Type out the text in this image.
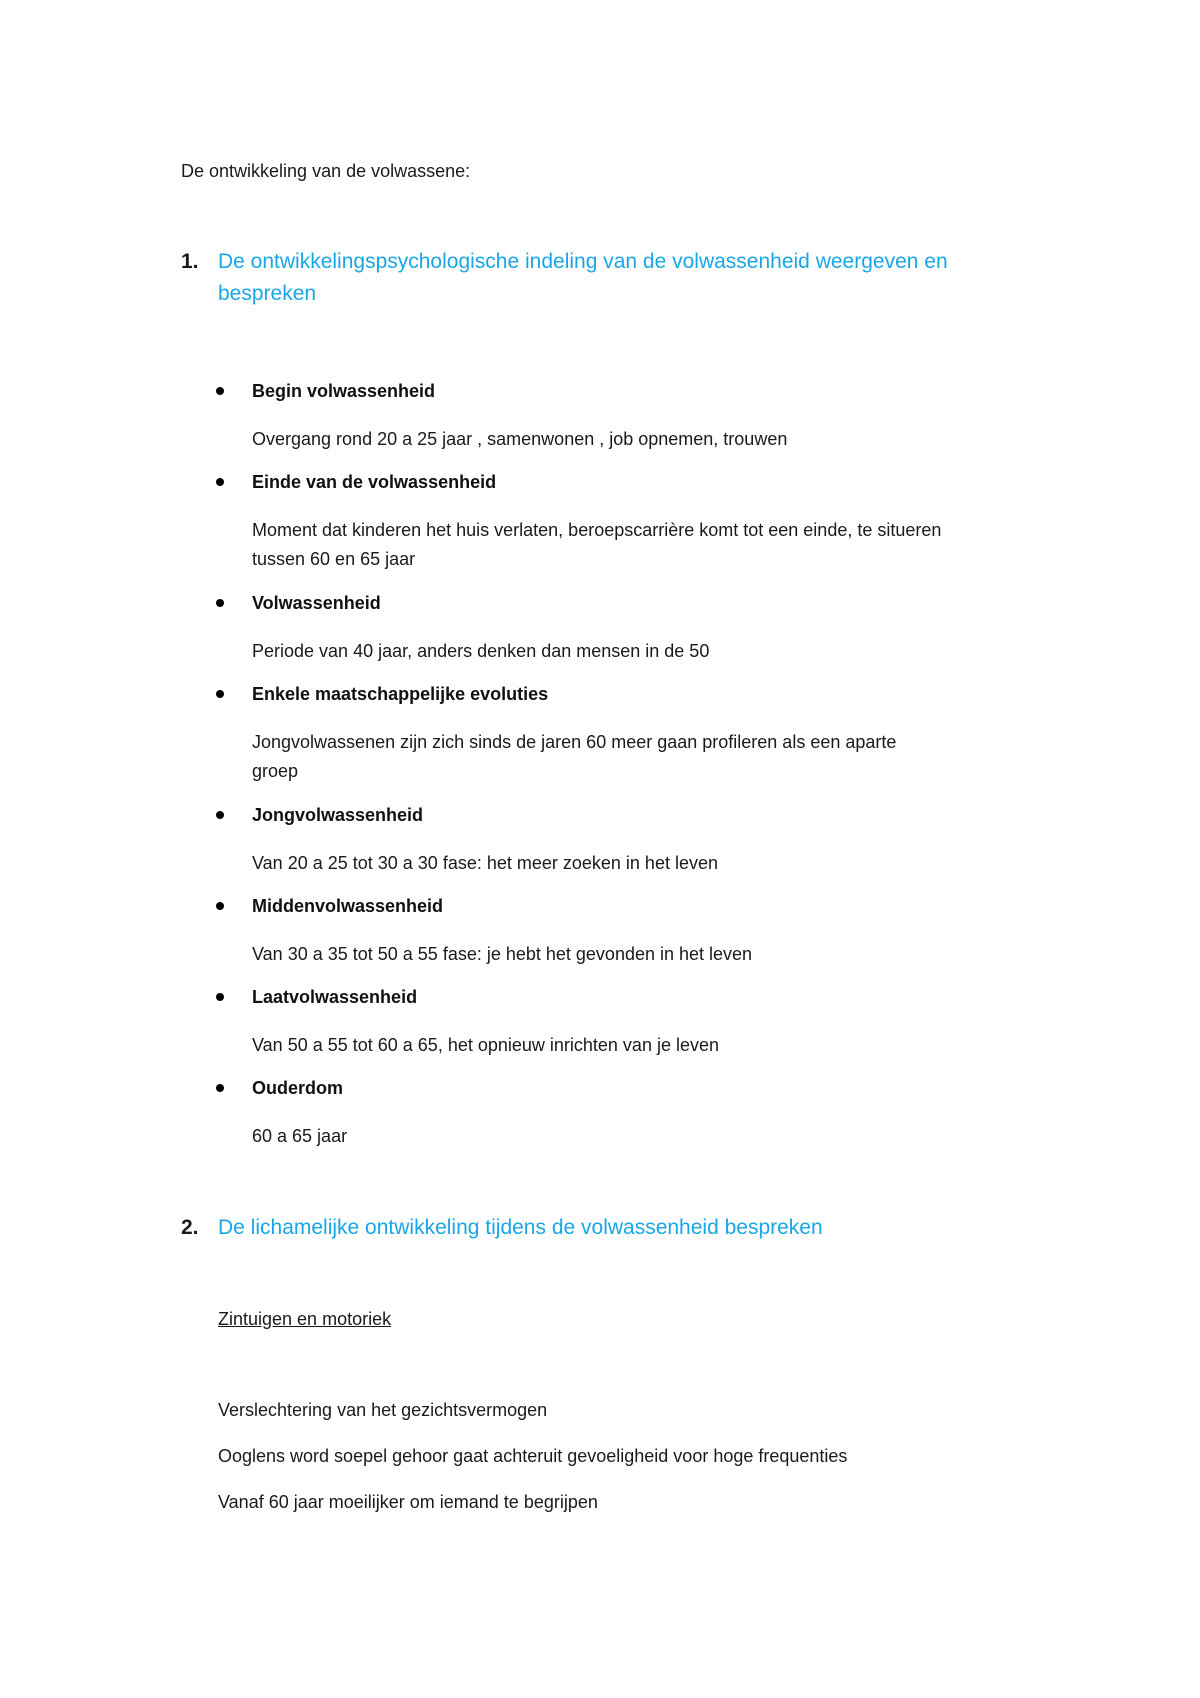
De ontwikkeling van de volwassene:
1. De ontwikkelingspsychologische indeling van de volwassenheid weergeven en bespreken
Begin volwassenheid
Overgang rond 20 a 25 jaar , samenwonen , job opnemen, trouwen
Einde van de volwassenheid
Moment dat kinderen het huis verlaten, beroepscarrière komt tot een einde, te situeren tussen 60 en 65 jaar
Volwassenheid
Periode van 40 jaar, anders denken dan mensen in de 50
Enkele maatschappelijke evoluties
Jongvolwassenen zijn zich sinds de jaren 60 meer gaan profileren als een aparte groep
Jongvolwassenheid
Van 20 a 25 tot 30 a 30 fase: het meer zoeken in het leven
Middenvolwassenheid
Van 30 a 35 tot 50 a 55 fase: je hebt het gevonden in het leven
Laatvolwassenheid
Van 50 a 55 tot 60 a 65, het opnieuw inrichten van je leven
Ouderdom
60 a 65 jaar
2. De lichamelijke ontwikkeling tijdens de volwassenheid bespreken
Zintuigen en motoriek
Verslechtering van het gezichtsvermogen
Ooglens word soepel gehoor gaat achteruit gevoeligheid voor hoge frequenties
Vanaf 60 jaar moeilijker om iemand te begrijpen
